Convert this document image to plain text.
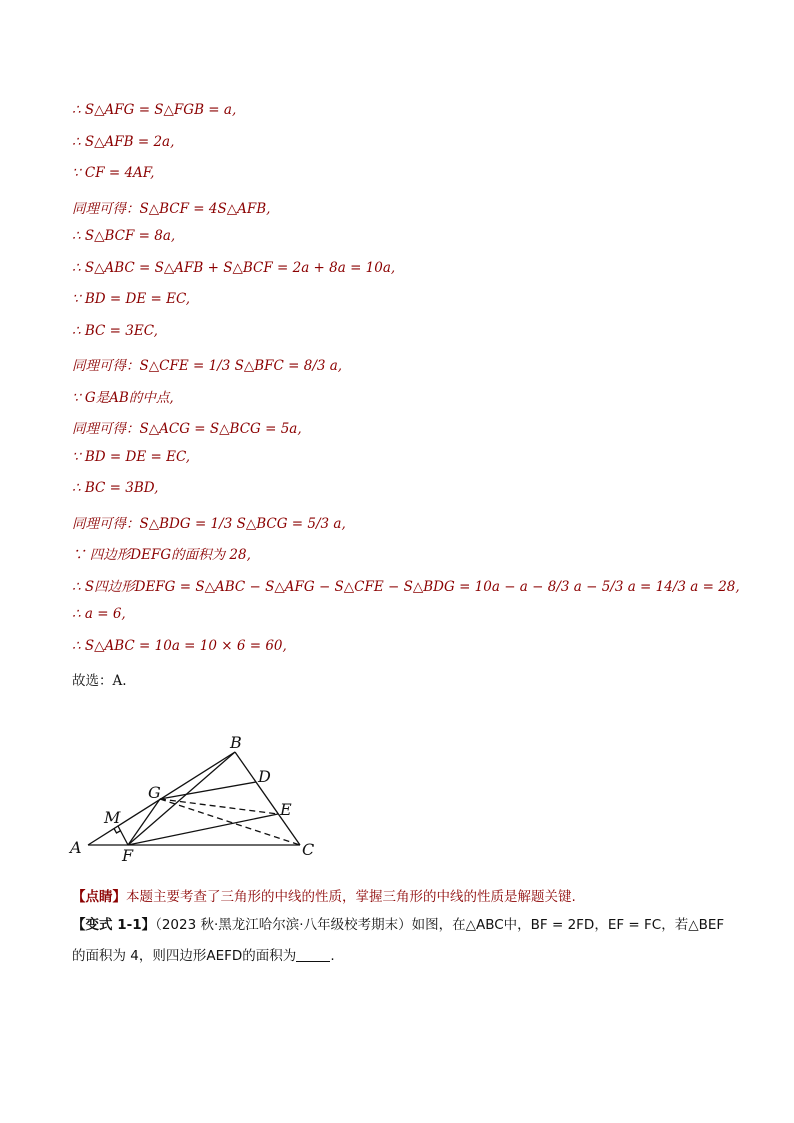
∴ S△AFG = S△FGB = a,
∴ S△AFB = 2a,
∵ CF = 4AF,
同理可得：S△BCF = 4S△AFB,
∴ S△BCF = 8a,
∴ S△ABC = S△AFB + S△BCF = 2a + 8a = 10a,
∵ BD = DE = EC,
∴ BC = 3EC,
同理可得：S△CFE = 1/3 S△BFC = 8/3 a,
∵ G是AB的中点,
同理可得：S△ACG = S△BCG = 5a,
∵ BD = DE = EC,
∴ BC = 3BD,
同理可得：S△BDG = 1/3 S△BCG = 5/3 a,
∵ 四边形DEFG的面积为 28,
∴ S四边形DEFG = S△ABC − S△AFG − S△CFE − S△BDG = 10a − a − 8/3 a − 5/3 a = 14/3 a = 28,
∴ a = 6,
∴ S△ABC = 10a = 10 × 6 = 60,
故选：A.
B
D
E
G
M
A	F	C
【点睛】本题主要考查了三角形的中线的性质，掌握三角形的中线的性质是解题关键.
【变式 1-1】（2023 秋·黑龙江哈尔滨·八年级校考期末）如图，在△ABC中，BF = 2FD，EF = FC，若△BEF
的面积为 4，则四边形AEFD的面积为	.
